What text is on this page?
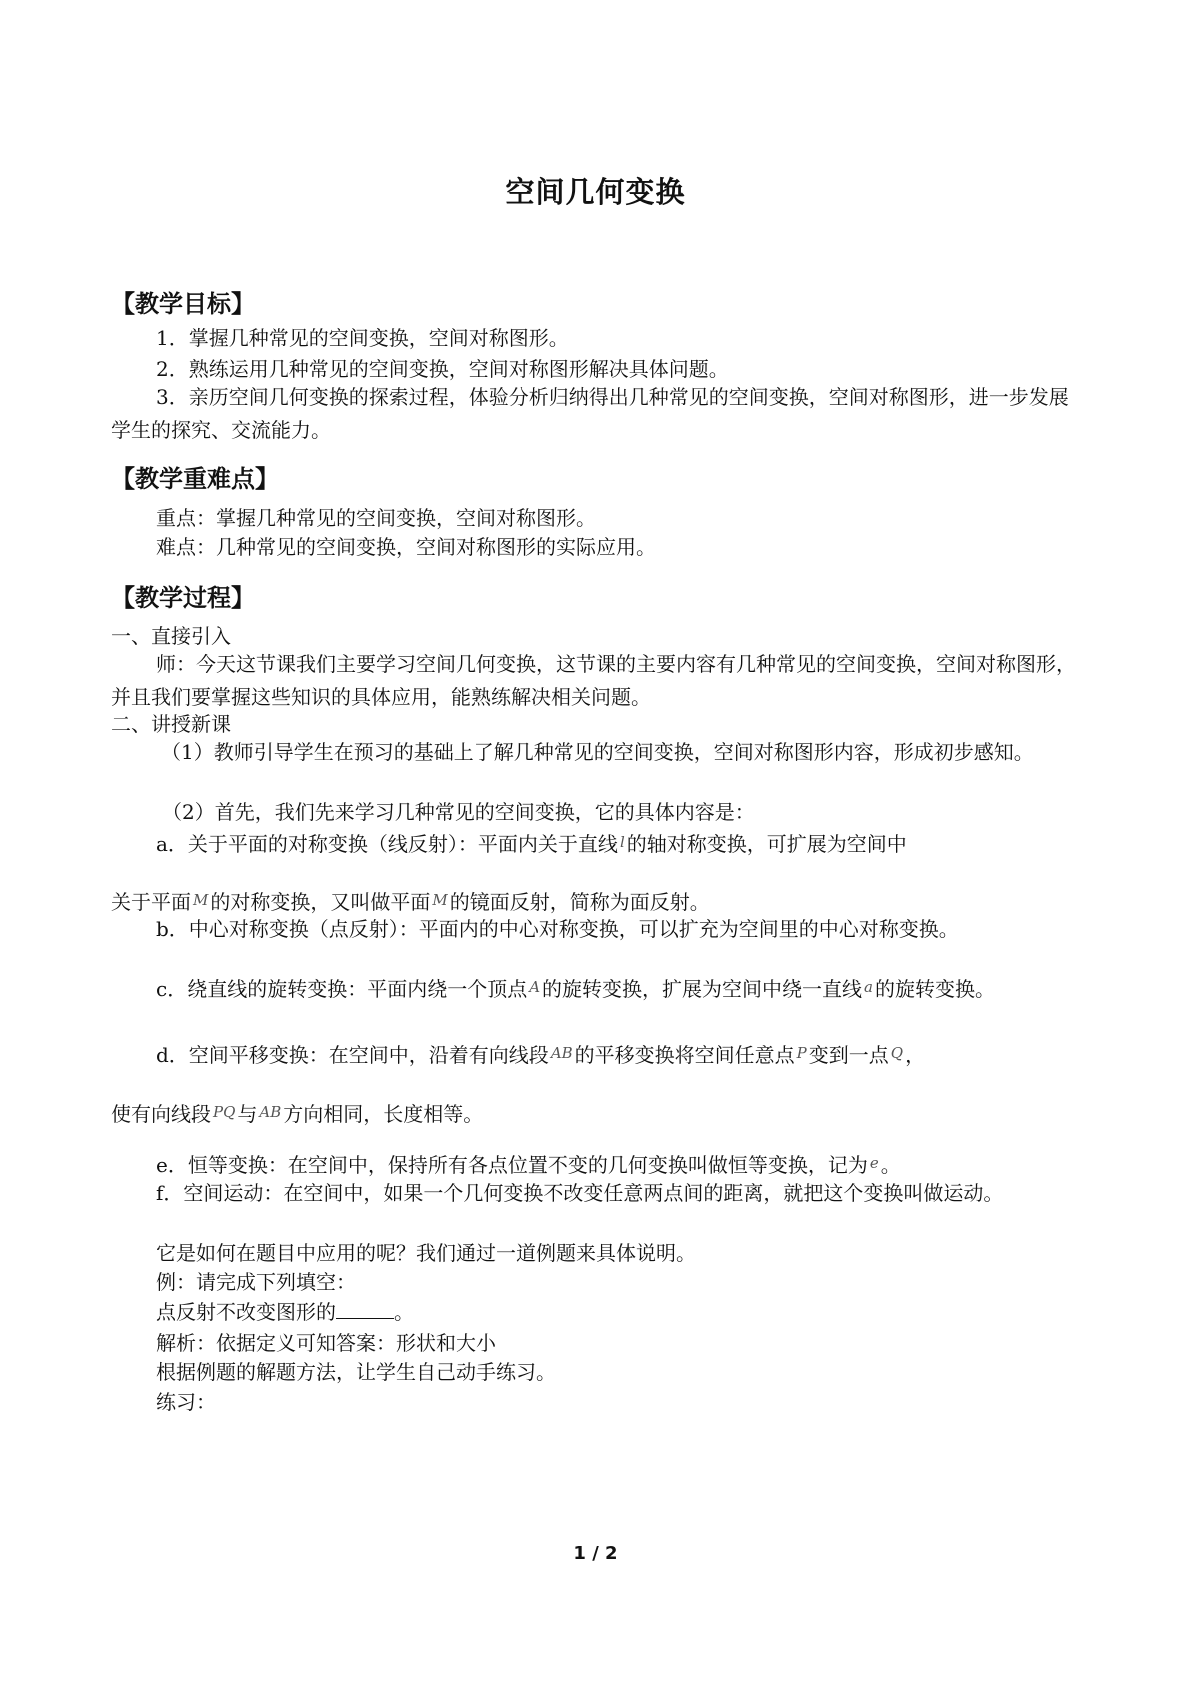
空间几何变换
【教学目标】
1．掌握几种常见的空间变换，空间对称图形。
2．熟练运用几种常见的空间变换，空间对称图形解决具体问题。
3．亲历空间几何变换的探索过程，体验分析归纳得出几种常见的空间变换，空间对称图形，进一步发展学生的探究、交流能力。
【教学重难点】
重点：掌握几种常见的空间变换，空间对称图形。
难点：几种常见的空间变换，空间对称图形的实际应用。
【教学过程】
一、直接引入
师：今天这节课我们主要学习空间几何变换，这节课的主要内容有几种常见的空间变换，空间对称图形，并且我们要掌握这些知识的具体应用，能熟练解决相关问题。
二、讲授新课
（1）教师引导学生在预习的基础上了解几种常见的空间变换，空间对称图形内容，形成初步感知。
（2）首先，我们先来学习几种常见的空间变换，它的具体内容是：
a．关于平面的对称变换（线反射）：平面内关于直线 $^l$ 的轴对称变换，可扩展为空间中
关于平面 $^M$ 的对称变换，又叫做平面 $^M$ 的镜面反射，简称为面反射。
b．中心对称变换（点反射）：平面内的中心对称变换，可以扩充为空间里的中心对称变换。
c．绕直线的旋转变换：平面内绕一个顶点 $^A$ 的旋转变换，扩展为空间中绕一直线 $^a$ 的旋转变换。
d．空间平移变换：在空间中，沿着有向线段 $^{AB}$ 的平移变换将空间任意点 $^P$ 变到一点 $^Q$ ，
使有向线段 $^{PQ}$ 与 $^{AB}$ 方向相同，长度相等。
e．恒等变换：在空间中，保持所有各点位置不变的几何变换叫做恒等变换，记为 $^e$ 。
f．空间运动：在空间中，如果一个几何变换不改变任意两点间的距离，就把这个变换叫做运动。
它是如何在题目中应用的呢？我们通过一道例题来具体说明。
例：请完成下列填空：
点反射不改变图形的	。
解析：依据定义可知答案：形状和大小
根据例题的解题方法，让学生自己动手练习。
练习：
1 / 2
